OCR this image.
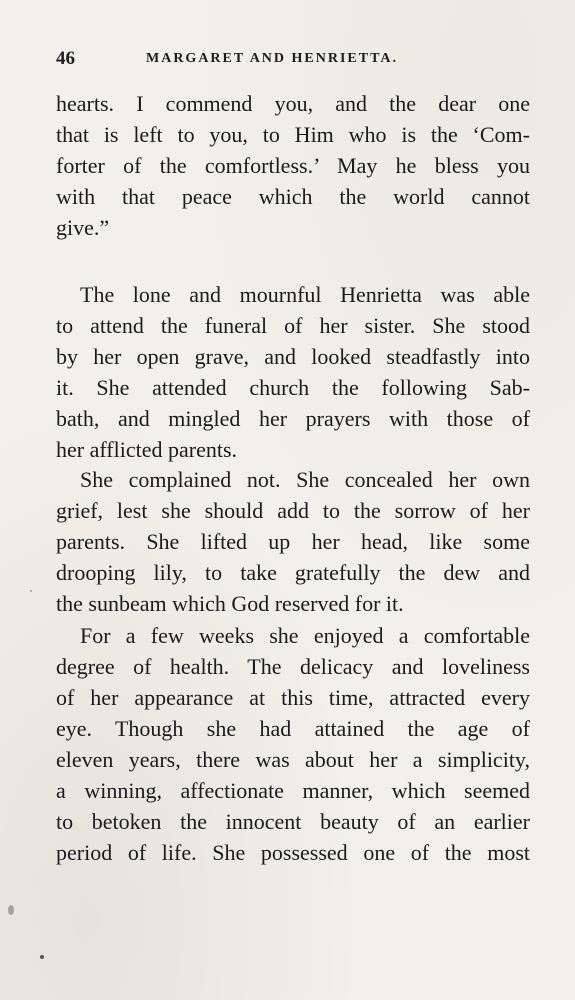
46	MARGARET AND HENRIETTA.
hearts. I commend you, and the dear one
that is left to you, to Him who is the ‘Com-
forter of the comfortless.’ May he bless you
with that peace which the world cannot
give.”
The lone and mournful Henrietta was able
to attend the funeral of her sister. She stood
by her open grave, and looked steadfastly into
it. She attended church the following Sab-
bath, and mingled her prayers with those of
her afflicted parents.
She complained not. She concealed her own
grief, lest she should add to the sorrow of her
parents. She lifted up her head, like some
drooping lily, to take gratefully the dew and
the sunbeam which God reserved for it.
For a few weeks she enjoyed a comfortable
degree of health. The delicacy and loveliness
of her appearance at this time, attracted every
eye. Though she had attained the age of
eleven years, there was about her a simplicity,
a winning, affectionate manner, which seemed
to betoken the innocent beauty of an earlier
period of life. She possessed one of the most
